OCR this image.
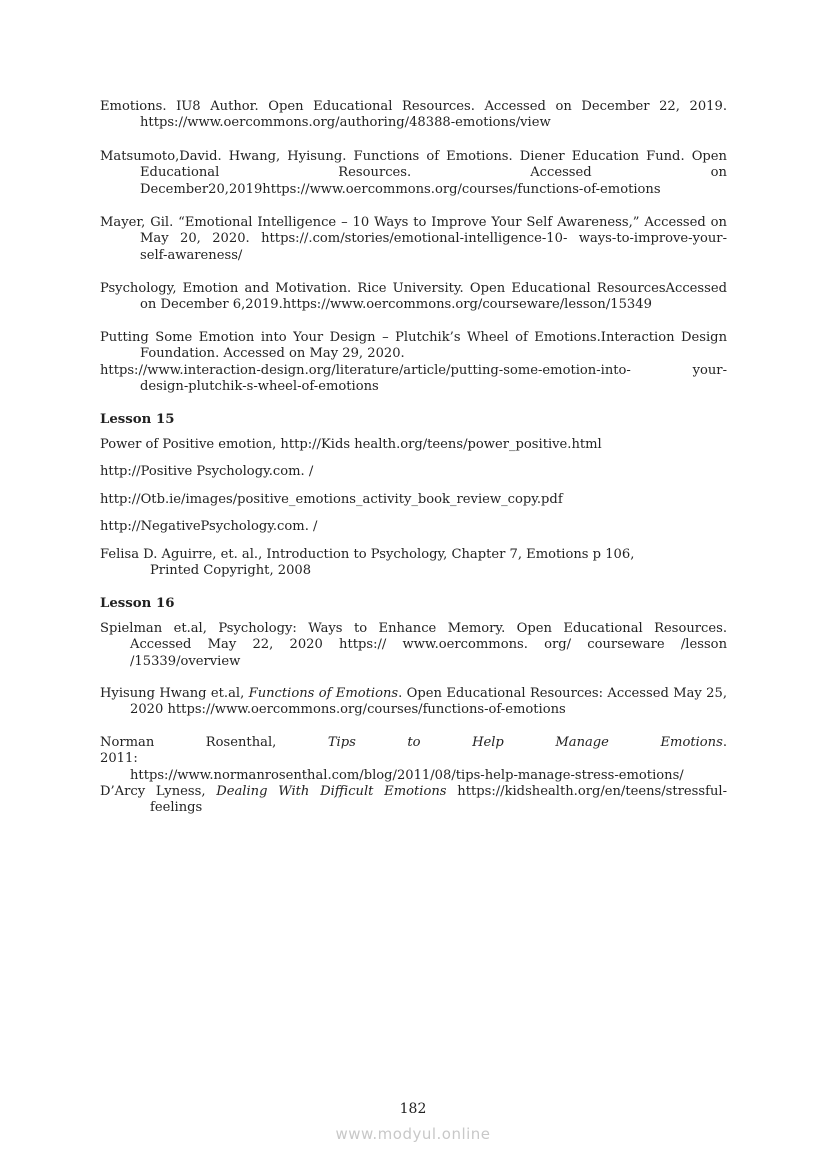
Emotions. IU8 Author. Open Educational Resources. Accessed on December 22, 2019.
https://www.oercommons.org/authoring/48388-emotions/view
Matsumoto,David. Hwang, Hyisung. Functions of Emotions. Diener Education Fund. Open
Educational Resources. Accessed on
December20,2019https://www.oercommons.org/courses/functions-of-emotions
Mayer, Gil. “Emotional Intelligence – 10 Ways to Improve Your Self Awareness,” Accessed on
May 20, 2020. https://.com/stories/emotional-intelligence-10- ways-to-improve-your-
self-awareness/
Psychology, Emotion and Motivation. Rice University. Open Educational ResourcesAccessed
on December 6,2019.https://www.oercommons.org/courseware/lesson/15349
Putting Some Emotion into Your Design – Plutchik’s Wheel of Emotions.Interaction Design
Foundation. Accessed on May 29, 2020.
https://www.interaction-design.org/literature/article/putting-some-emotion-into- your-
design-plutchik-s-wheel-of-emotions
Lesson 15
Power of Positive emotion, http://Kids health.org/teens/power_positive.html
http://Positive Psychology.com. /
http://Otb.ie/images/positive_emotions_activity_book_review_copy.pdf
http://NegativePsychology.com. /
Felisa D. Aguirre, et. al., Introduction to Psychology, Chapter 7, Emotions p 106,
Printed Copyright, 2008
Lesson 16
Spielman et.al, Psychology: Ways to Enhance Memory. Open Educational Resources.
Accessed May 22, 2020 https:// www.oercommons. org/ courseware /lesson
/15339/overview
Hyisung Hwang et.al, Functions of Emotions. Open Educational Resources: Accessed May 25,
2020 https://www.oercommons.org/courses/functions-of-emotions
Norman Rosenthal, Tips to Help Manage Emotions. 2011:
https://www.normanrosenthal.com/blog/2011/08/tips-help-manage-stress-emotions/
D’Arcy Lyness, Dealing With Difficult Emotions https://kidshealth.org/en/teens/stressful-
feelings
182
www.modyul.online
